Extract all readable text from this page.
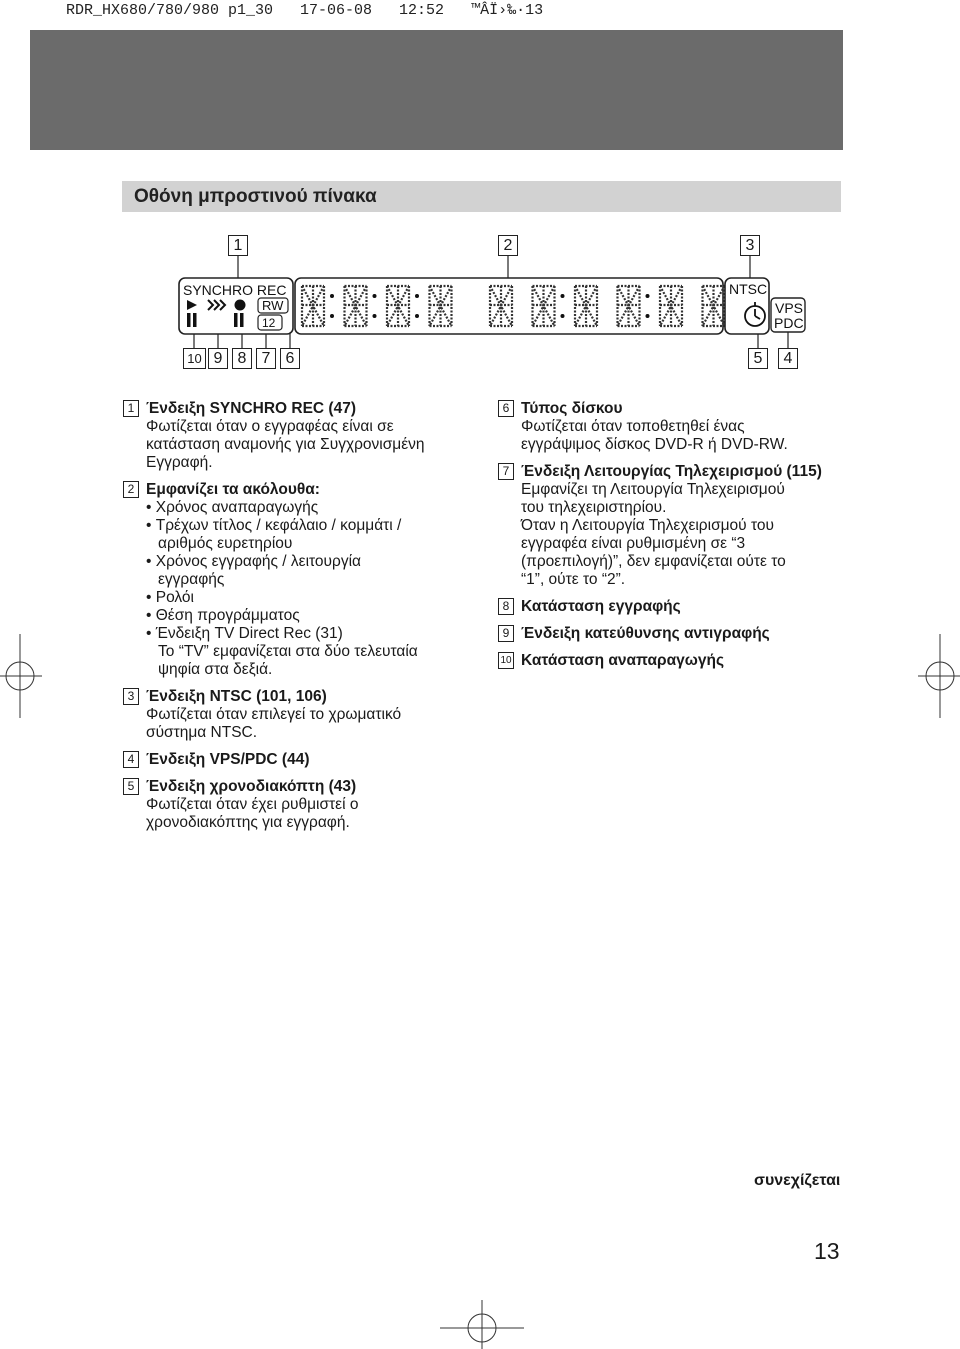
RDR_HX680/780/980 p1_30   17-06-08   12:52   ™ÂÏ›‰·13
Οθόνη μπροστινού πίνακα
1	2	3
10 9 8 7 6	5	4
SYNCHRO REC
RW
12
NTSC
VPS
PDC
1 Ένδειξη SYNCHRO REC (47)
Φωτίζεται όταν ο εγγραφέας είναι σε
κατάσταση αναμονής για Συγχρονισμένη
Εγγραφή.
2 Εμφανίζει τα ακόλουθα:
• Χρόνος αναπαραγωγής
• Τρέχων τίτλος / κεφάλαιο / κομμάτι /
αριθμός ευρετηρίου
• Χρόνος εγγραφής / λειτουργία
εγγραφής
• Ρολόι
• Θέση προγράμματος
• Ένδειξη TV Direct Rec (31)
Το “TV” εμφανίζεται στα δύο τελευταία
ψηφία στα δεξιά.
3 Ένδειξη NTSC (101, 106)
Φωτίζεται όταν επιλεγεί το χρωματικό
σύστημα NTSC.
4 Ένδειξη VPS/PDC (44)
5 Ένδειξη χρονοδιακόπτη (43)
Φωτίζεται όταν έχει ρυθμιστεί ο
χρονοδιακόπτης για εγγραφή.
6 Τύπος δίσκου
Φωτίζεται όταν τοποθετηθεί ένας
εγγράψιμος δίσκος DVD-R ή DVD-RW.
7 Ένδειξη Λειτουργίας Τηλεχειρισμού (115)
Εμφανίζει τη Λειτουργία Τηλεχειρισμού
του τηλεχειριστηρίου.
Όταν η Λειτουργία Τηλεχειρισμού του
εγγραφέα είναι ρυθμισμένη σε “3
(προεπιλογή)”, δεν εμφανίζεται ούτε το
“1”, ούτε το “2”.
8 Κατάσταση εγγραφής
9 Ένδειξη κατεύθυνσης αντιγραφής
10 Κατάσταση αναπαραγωγής
συνεχίζεται
13
